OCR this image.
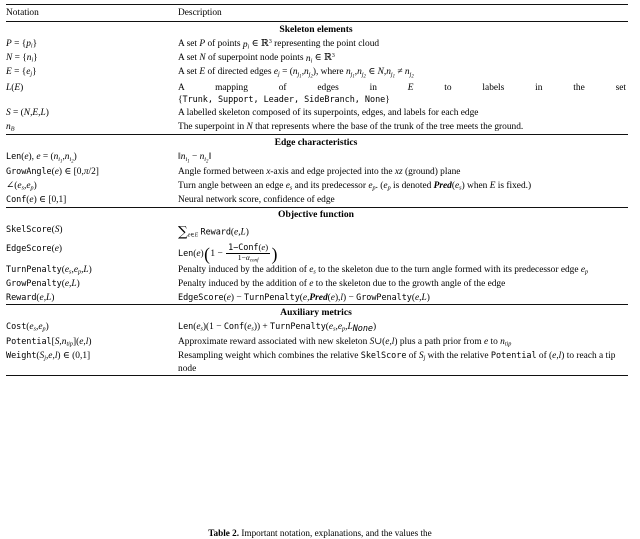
Notation	Description
Skeleton elements	
$P = \{p_i\}$	A set P of points $p_i$ ∈ ℝ$^3$ representing the point cloud
$N = \{n_i\}$	A set N of superpoint node points $n_i$ ∈ ℝ$^3$
$E = \{e_j\}$	A set E of directed edges $e_j = (n_{j_1},n_{j_2})$, where $n_{j_1},n_{j_2}$ ∈ $N,n_{j_1} \ne n_{j_2}$
L(E)	A mapping of edges in E to labels in the set
{Trunk, Support, Leader, SideBranch, None}

S = (N,E,L)	A labelled skeleton composed of its superpoints, edges, and labels for each edge
$n_B$	The superpoint in N that represents where the base of the trunk of the tree meets the ground.
Edge characteristics	
Len(e), $e = (n_{i_1},n_{i_2})$	$‖n_{i_1}$ − $n_{i_2}‖$
GrowAngle(e) ∈ [0,π/2]	Angle formed between x-axis and edge projected into the xz (ground) plane
$\angle(e_s,e_p)$	Turn angle between an edge $e_s$ and its predecessor $e_p$. ($e_p$ is denoted $Pred(e_s)$ when E is fixed.)
Conf(e) ∈ [0,1]	Neural network score, confidence of edge
Objective function	
SkelScore(S)	$\sum_{e\in E}$ Reward(e,L)
EdgeScore(e)	$Len(e)(1 - \frac{\text{1−Conf(e)}}{1-\alpha_{conf}}$ )
$TurnPenalty(e_s,e_p,L)$	Penalty induced by the addition of $e_s$ to the skeleton due to the turn angle formed with its predecessor edge $e_p$
GrowPenalty(e,L)	Penalty induced by the addition of e to the skeleton due to the growth angle of the edge
Reward(e,L)	EdgeScore(e) − TurnPenalty(e,Pred(e),l) − GrowPenalty(e,L)
Auxiliary metrics	
$Cost(e_s,e_p)$	$Len(e_s)(1$ − $Conf(e_s)$) + $TurnPenalty(e_s,e_p,L_{None})$
$Potential[S,n_{tip}](e,l)$	Approximate reward associated with new skeleton S∪(e,l) plus a path prior from e to $n_{tip}$
$Weight(S_j,e,l)$ ∈ (0,1]	Resampling weight which combines the relative SkelScore of $S_j$ with the relative Potential of (e,l) to reach a tip node
Table 2. Important notation, explanations, and the values the
